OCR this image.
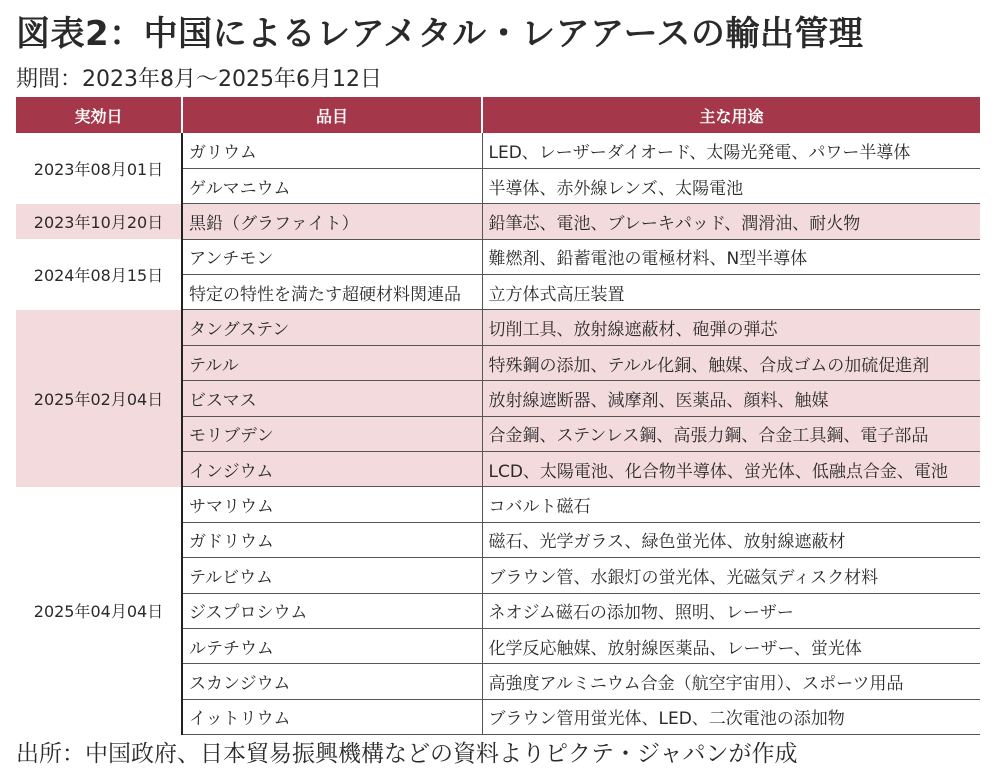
図表2：中国によるレアメタル・レアアースの輸出管理
期間：2023年8月～2025年6月12日
実効日	品目	主な用途
2023年08月01日	ガリウム	LED、レーザーダイオード、太陽光発電、パワー半導体
	ゲルマニウム	半導体、赤外線レンズ、太陽電池
2023年10月20日	黒鉛（グラファイト）	鉛筆芯、電池、ブレーキパッド、潤滑油、耐火物
2024年08月15日	アンチモン	難燃剤、鉛蓄電池の電極材料、N型半導体
	特定の特性を満たす超硬材料関連品	立方体式高圧装置
2025年02月04日	タングステン	切削工具、放射線遮蔽材、砲弾の弾芯
	テルル	特殊鋼の添加、テルル化銅、触媒、合成ゴムの加硫促進剤
	ビスマス	放射線遮断器、減摩剤、医薬品、顔料、触媒
	モリブデン	合金鋼、ステンレス鋼、高張力鋼、合金工具鋼、電子部品
	インジウム	LCD、太陽電池、化合物半導体、蛍光体、低融点合金、電池
2025年04月04日	サマリウム	コバルト磁石
	ガドリウム	磁石、光学ガラス、緑色蛍光体、放射線遮蔽材
	テルビウム	ブラウン管、水銀灯の蛍光体、光磁気ディスク材料
	ジスプロシウム	ネオジム磁石の添加物、照明、レーザー
	ルテチウム	化学反応触媒、放射線医薬品、レーザー、蛍光体
	スカンジウム	高強度アルミニウム合金（航空宇宙用）、スポーツ用品
	イットリウム	ブラウン管用蛍光体、LED、二次電池の添加物
出所：中国政府、日本貿易振興機構などの資料よりピクテ・ジャパンが作成
